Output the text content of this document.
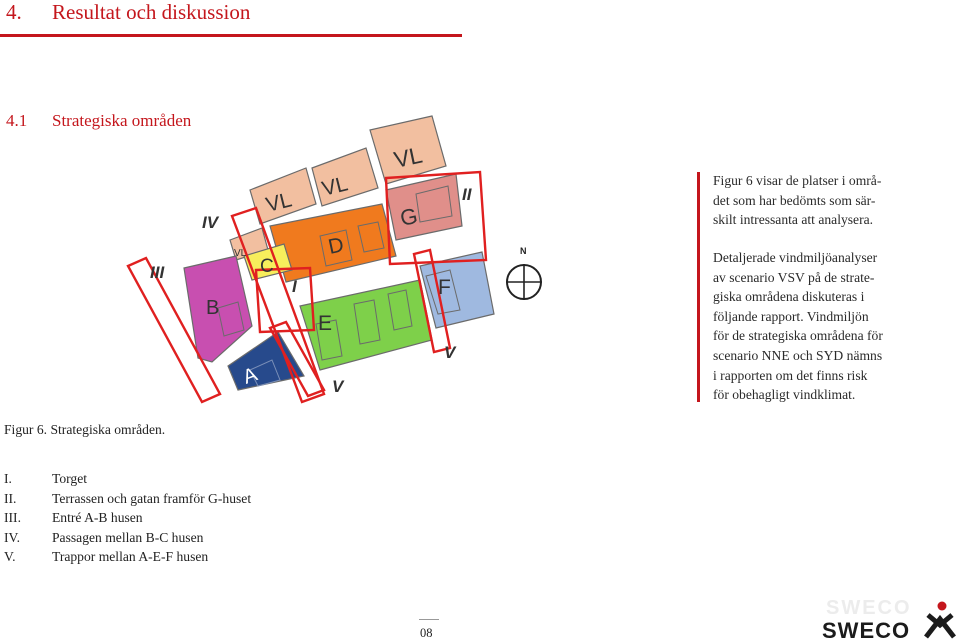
4. Resultat och diskussion
4.1 Strategiska områden
VL
VL
VL
VL	D
G
C
B
E
F
A
IV
II
III
I
V
V
N
Figur 6 visar de platser i områ-
det som har bedömts som sär-
skilt intressanta att analysera.
Detaljerade vindmiljöanalyser
av scenario VSV på de strate-
giska områdena diskuteras i
följande rapport. Vindmiljön
för de strategiska områdena för
scenario NNE och SYD nämns
i rapporten om det finns risk
för obehagligt vindklimat.
Figur 6. Strategiska områden.
I.	Torget
II.	Terrassen och gatan framför G-huset
III. Entré A-B husen
IV. Passagen mellan B-C husen
V.	Trappor mellan A-E-F husen
08
SWECO
SWECO
